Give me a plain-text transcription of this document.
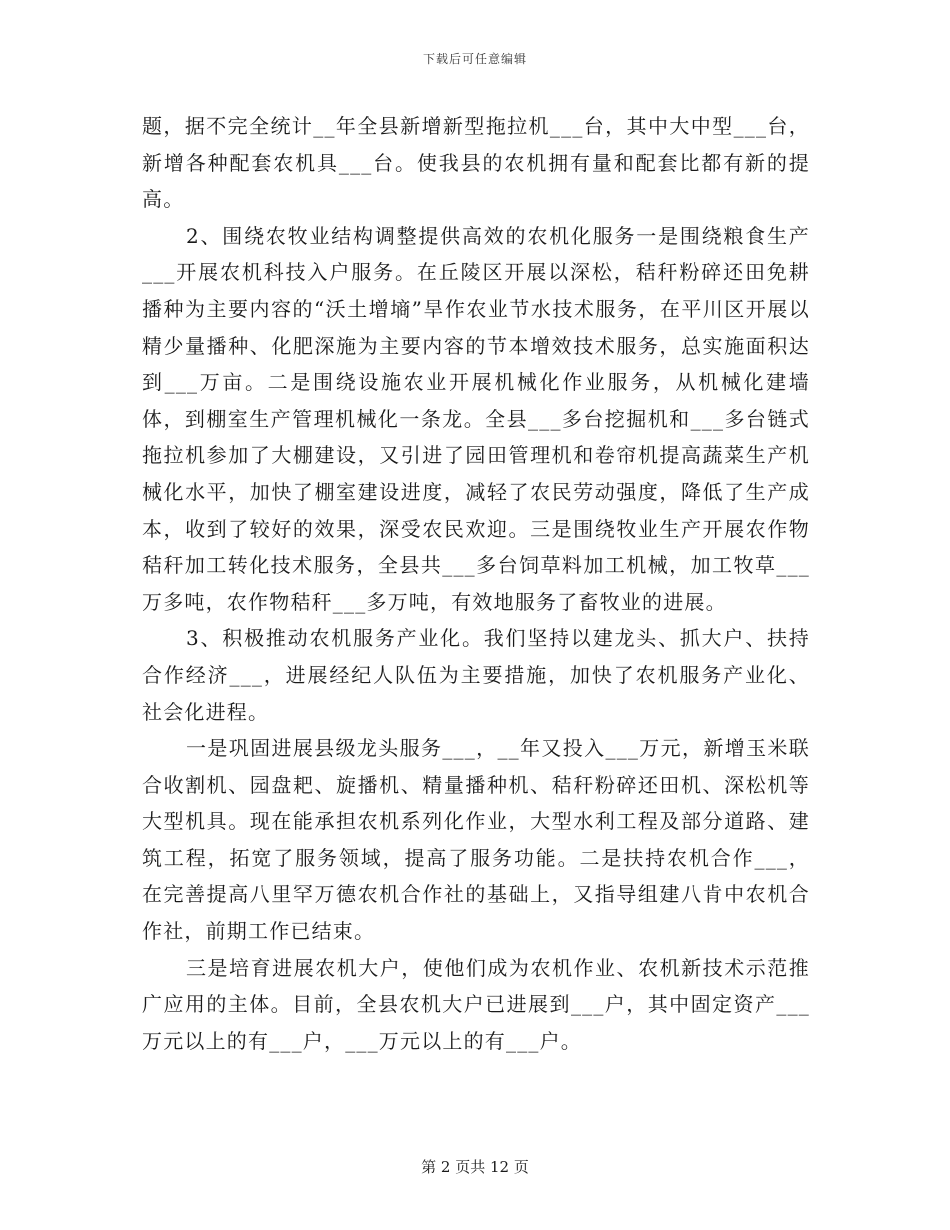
下载后可任意编辑

题，据不完全统计__年全县新增新型拖拉机___台，其中大中型___台，新增各种配套农机具___台。使我县的农机拥有量和配套比都有新的提高。

2、围绕农牧业结构调整提供高效的农机化服务一是围绕粮食生产___开展农机科技入户服务。在丘陵区开展以深松，秸秆粉碎还田免耕播种为主要内容的“沃土增墒”旱作农业节水技术服务，在平川区开展以精少量播种、化肥深施为主要内容的节本增效技术服务，总实施面积达到___万亩。二是围绕设施农业开展机械化作业服务，从机械化建墙体，到棚室生产管理机械化一条龙。全县___多台挖掘机和___多台链式拖拉机参加了大棚建设，又引进了园田管理机和卷帘机提高蔬菜生产机械化水平，加快了棚室建设进度，减轻了农民劳动强度，降低了生产成本，收到了较好的效果，深受农民欢迎。三是围绕牧业生产开展农作物秸秆加工转化技术服务，全县共___多台饲草料加工机械，加工牧草___万多吨，农作物秸秆___多万吨，有效地服务了畜牧业的进展。

3、积极推动农机服务产业化。我们坚持以建龙头、抓大户、扶持合作经济___，进展经纪人队伍为主要措施，加快了农机服务产业化、社会化进程。

一是巩固进展县级龙头服务___，__年又投入___万元，新增玉米联合收割机、园盘耙、旋播机、精量播种机、秸秆粉碎还田机、深松机等大型机具。现在能承担农机系列化作业，大型水利工程及部分道路、建筑工程，拓宽了服务领域，提高了服务功能。二是扶持农机合作___，在完善提高八里罕万德农机合作社的基础上，又指导组建八肯中农机合作社，前期工作已结束。

三是培育进展农机大户，使他们成为农机作业、农机新技术示范推广应用的主体。目前，全县农机大户已进展到___户，其中固定资产___万元以上的有___户，___万元以上的有___户。

第 2 页共 12 页
